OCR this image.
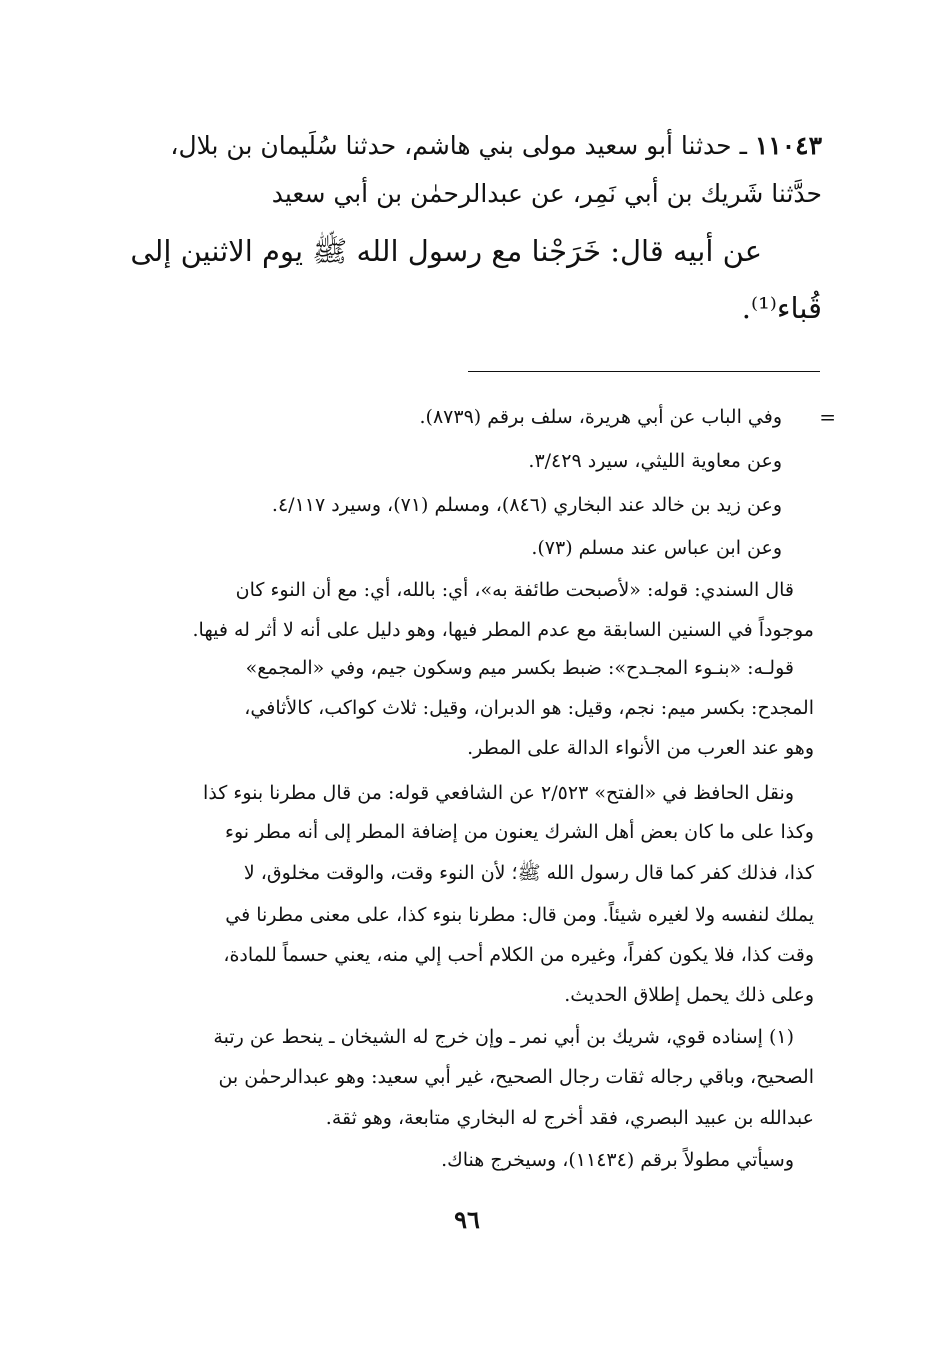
١١٠٤٣ ـ حدثنا أبو سعيد مولى بني هاشم، حدثنا سُلَيمان بن بلال،
حدَّثنا شَريك بن أبي نَمِر، عن عبدالرحمٰن بن أبي سعيد
عن أبيه قال: خَرَجْنا مع رسول الله ﷺ يوم الاثنين إلى
قُباء⁽¹⁾.
=
وفي الباب عن أبي هريرة، سلف برقم (٨٧٣٩).
وعن معاوية الليثي، سيرد ٣/٤٢٩.
وعن زيد بن خالد عند البخاري (٨٤٦)، ومسلم (٧١)، وسيرد ٤/١١٧.
وعن ابن عباس عند مسلم (٧٣).
قال السندي: قوله: «لأصبحت طائفة به»، أي: بالله، أي: مع أن النوء كان
موجوداً في السنين السابقة مع عدم المطر فيها، وهو دليل على أنه لا أثر له فيها.
قولـه: «بنـوء المجـدح»: ضبط بكسر ميم وسكون جيم، وفي «المجمع»
المجدح: بكسر ميم: نجم، وقيل: هو الدبران، وقيل: ثلاث كواكب، كالأثافي،
وهو عند العرب من الأنواء الدالة على المطر.
ونقل الحافظ في «الفتح» ٢/٥٢٣ عن الشافعي قوله: من قال مطرنا بنوء كذا
وكذا على ما كان بعض أهل الشرك يعنون من إضافة المطر إلى أنه مطر نوء
كذا، فذلك كفر كما قال رسول الله ﷺ؛ لأن النوء وقت، والوقت مخلوق، لا
يملك لنفسه ولا لغيره شيئاً. ومن قال: مطرنا بنوء كذا، على معنى مطرنا في
وقت كذا، فلا يكون كفراً، وغيره من الكلام أحب إلي منه، يعني حسماً للمادة،
وعلى ذلك يحمل إطلاق الحديث.
(١) إسناده قوي، شريك بن أبي نمر ـ وإن خرج له الشيخان ـ ينحط عن رتبة
الصحيح، وباقي رجاله ثقات رجال الصحيح، غير أبي سعيد: وهو عبدالرحمٰن بن
عبدالله بن عبيد البصري، فقد أخرج له البخاري متابعة، وهو ثقة.
وسيأتي مطولاً برقم (١١٤٣٤)، وسيخرج هناك.
٩٦
